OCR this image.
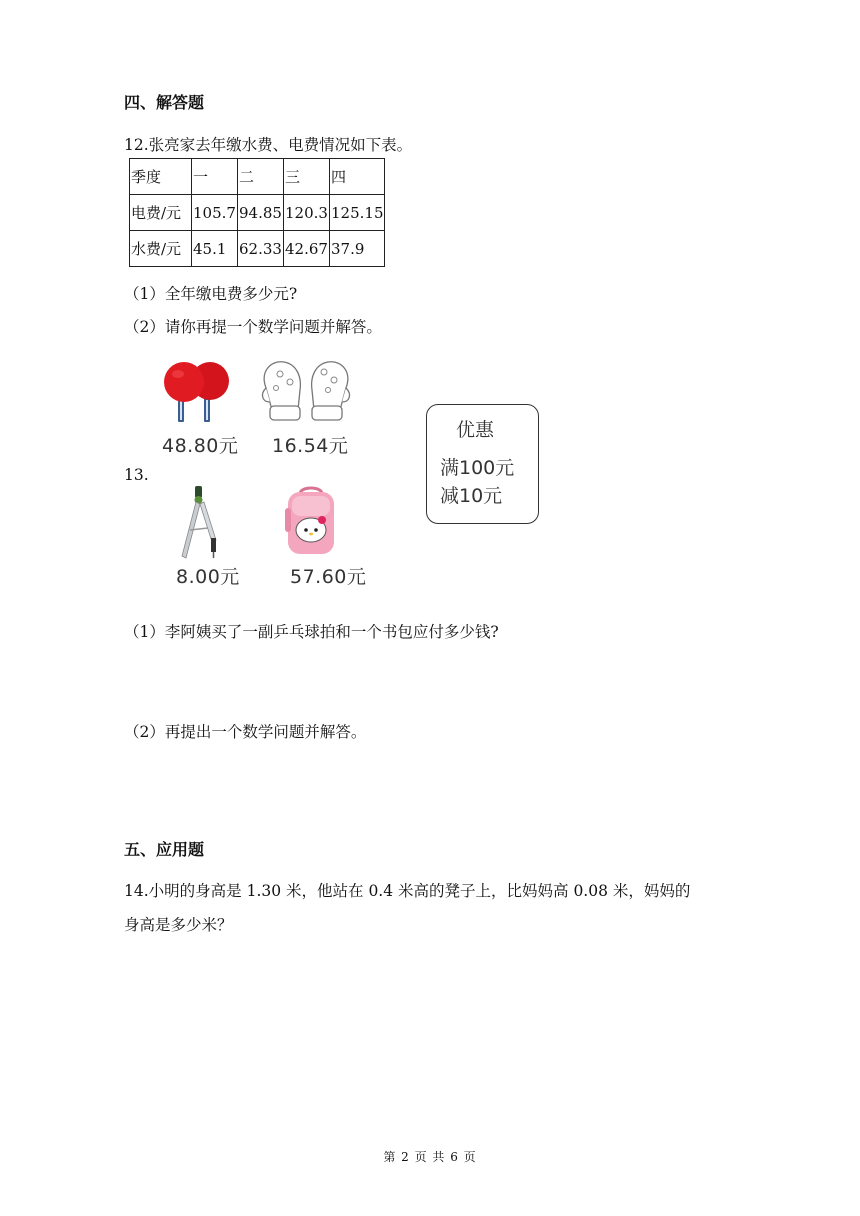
四、解答题
12.张亮家去年缴水费、电费情况如下表。
季度	一	二	三	四
电费/元	105.7	94.85	120.3	125.15
水费/元	45.1	62.33	42.67	37.9
（1）全年缴电费多少元?
（2）请你再提一个数学问题并解答。
13.
48.80元 16.54元
8.00元	57.60元
优惠
满100元
减10元
（1）李阿姨买了一副乒乓球拍和一个书包应付多少钱?
（2）再提出一个数学问题并解答。
五、应用题
14.小明的身高是 1.30 米，他站在 0.4 米高的凳子上，比妈妈高 0.08 米，妈妈的
身高是多少米？
第 2 页 共 6 页
